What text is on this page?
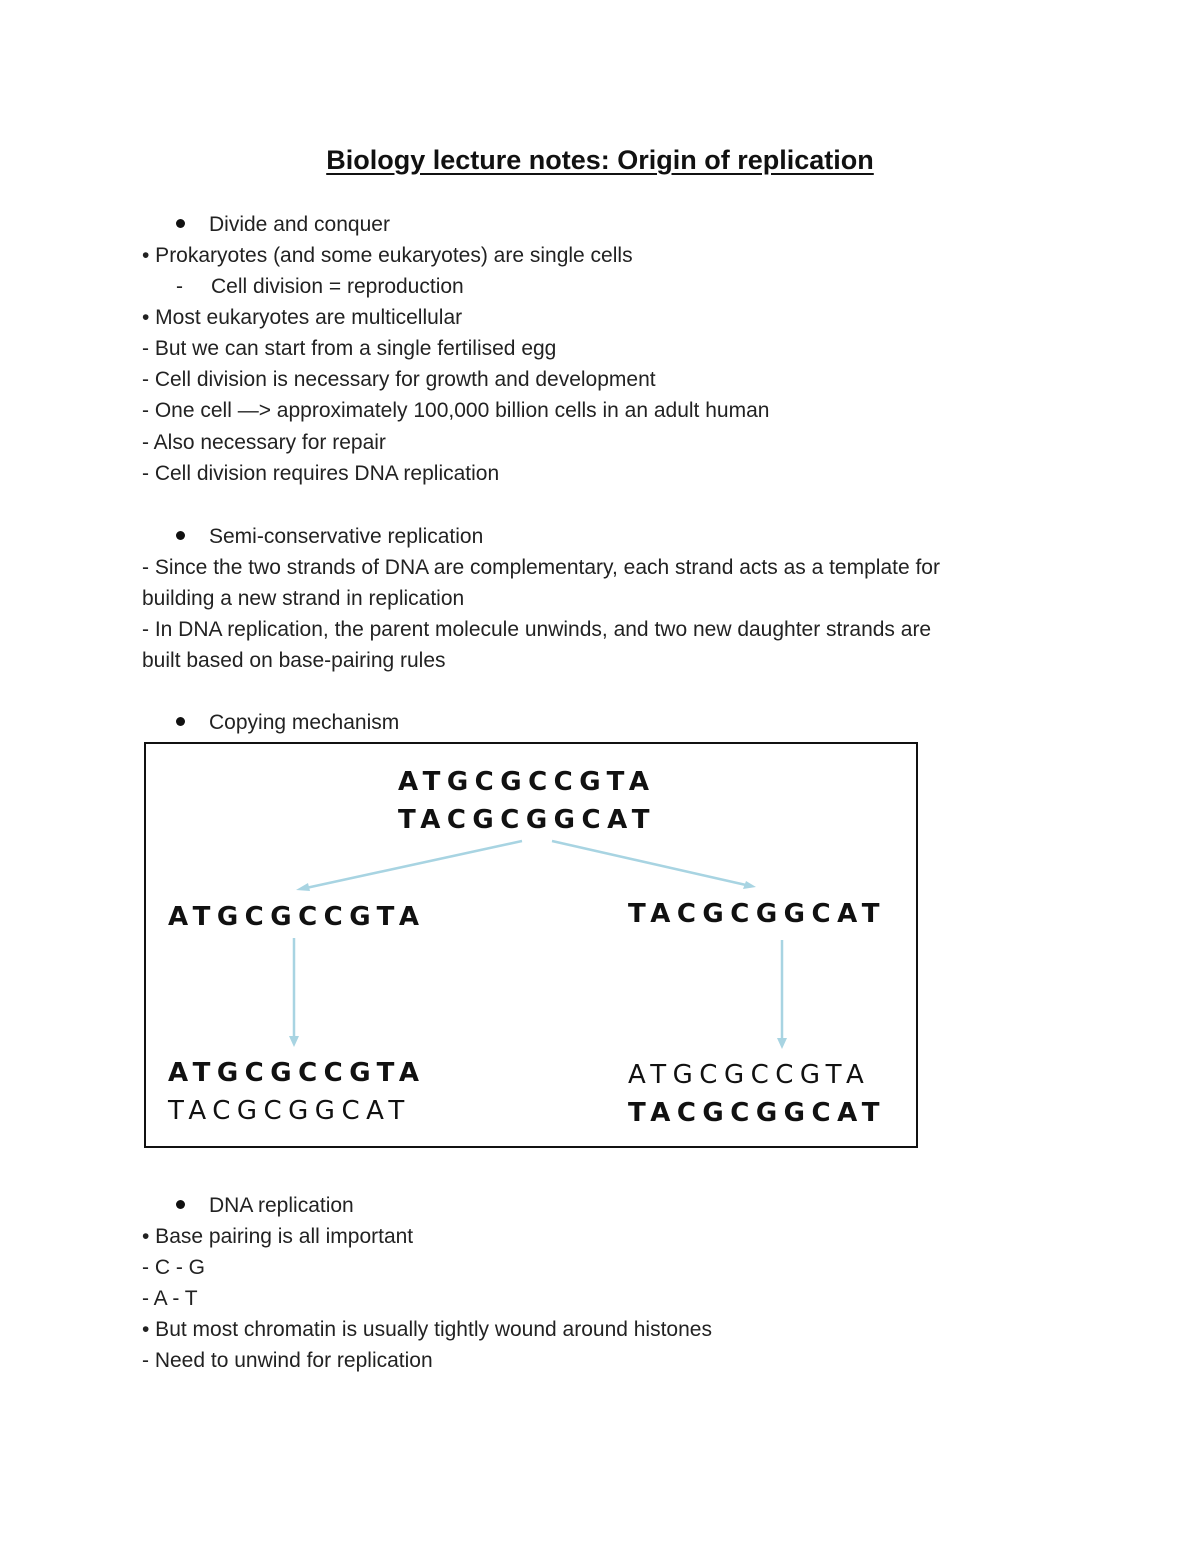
Biology lecture notes: Origin of replication
Divide and conquer
• Prokaryotes (and some eukaryotes) are single cells
- Cell division = reproduction
• Most eukaryotes are multicellular
- But we can start from a single fertilised egg
- Cell division is necessary for growth and development
- One cell —> approximately 100,000 billion cells in an adult human
- Also necessary for repair
- Cell division requires DNA replication
Semi-conservative replication
- Since the two strands of DNA are complementary, each strand acts as a template for
building a new strand in replication
- In DNA replication, the parent molecule unwinds, and two new daughter strands are
built based on base-pairing rules
Copying mechanism
ATGCGCCGTA
TACGCGGCAT
ATGCGCCGTA	TACGCGGCAT
ATGCGCCGTA
TACGCGGCAT
ATGCGCCGTA
TACGCGGCAT
DNA replication
• Base pairing is all important
- C - G
- A - T
• But most chromatin is usually tightly wound around histones
- Need to unwind for replication
